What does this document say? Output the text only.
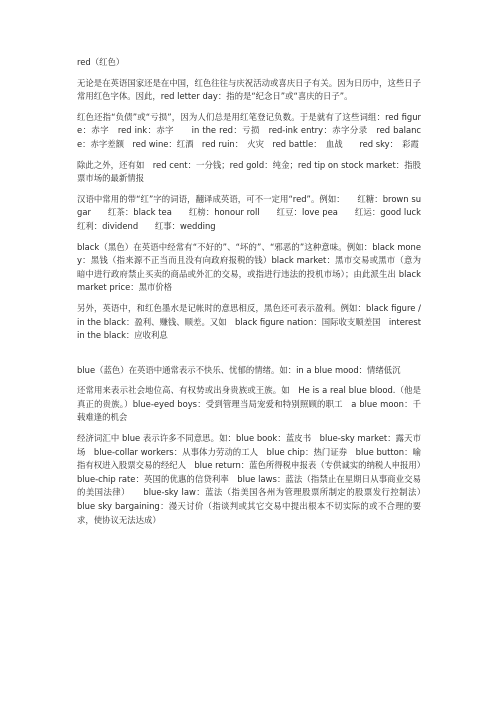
red（红色）

无论是在英语国家还是在中国，红色往往与庆祝活动或喜庆日子有关。因为日历中，这些日子常用红色字体。因此，red letter day：指的是“纪念日”或“喜庆的日子”。

红色还指“负债”或“亏损”，因为人们总是用红笔登记负数。于是就有了这些词组：red figure：赤字　red ink：赤字　　in the red：亏损　red-ink entry：赤字分录　red balance：赤字差额　red wine：红酒　red ruin：　火灾　red battle：　血战　　red sky：　彩霞

除此之外，还有如　red cent：一分钱；red gold：纯金；red tip on stock market：指股票市场的最新情报

汉语中常用的带“红”字的词语，翻译成英语，可不一定用“red”。例如：　　红糖：brown sugar　　红茶：black tea　　红榜：honour roll　　红豆：love pea　　红运：good luck　　红利：dividend　　红事：wedding

black（黑色）在英语中经常有“不好的”、“坏的”、“邪恶的”这种意味。例如：black money：黑钱（指来源不正当而且没有向政府报税的钱）black market：黑市交易或黑市（意为暗中进行政府禁止买卖的商品或外汇的交易，或指进行违法的投机市场）；由此派生出 black market price：黑市价格

另外，英语中，和红色墨水是记帐时的意思相反，黑色还可表示盈利。例如：black figure / in the black：盈利、赚钱、顺差。又如　black figure nation：国际收支顺差国　interest in the black：应收利息

blue（蓝色）在英语中通常表示不快乐、忧郁的情绪。如：in a blue mood：情绪低沉

还常用来表示社会地位高、有权势或出身贵族或王族。如　He is a real blue blood.（他是真正的贵族。）blue-eyed boys：受到管理当局宠爱和特别照顾的职工　a blue moon：千载难逢的机会

经济词汇中 blue 表示许多不同意思。如：blue book：蓝皮书　blue-sky market：露天市场　blue-collar workers：从事体力劳动的工人　blue chip：热门证券　blue button：喻指有权进入股票交易的经纪人　blue return：蓝色所得税申报表（专供诚实的纳税人申报用）　blue-chip rate：英国的优惠的信贷利率　blue laws：蓝法（指禁止在星期日从事商业交易的美国法律）　　blue-sky law：蓝法（指美国各州为管理股票所制定的股票发行控制法）　　blue sky bargaining：漫天讨价（指谈判或其它交易中提出根本不切实际的或不合理的要求，使协议无法达成）
